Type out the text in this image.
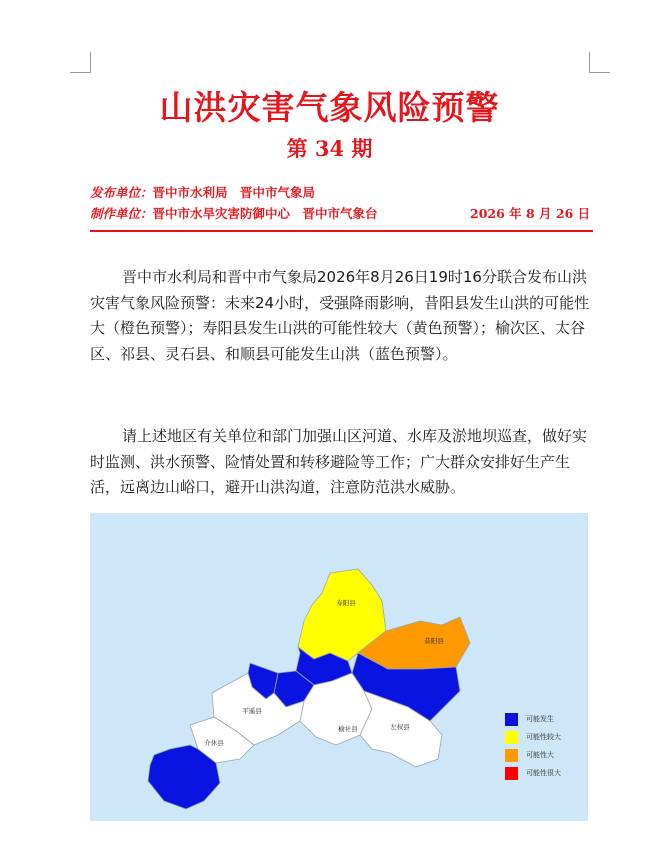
山洪灾害气象风险预警
第 34 期
发布单位：晋中市水利局　晋中市气象局
制作单位：晋中市水旱灾害防御中心　晋中市气象台	2026 年 8 月 26 日

晋中市水利局和晋中市气象局2026年8月26日19时16分联合发布山洪灾害气象风险预警：未来24小时，受强降雨影响，昔阳县发生山洪的可能性大（橙色预警）；寿阳县发生山洪的可能性较大（黄色预警）；榆次区、太谷区、祁县、灵石县、和顺县可能发生山洪（蓝色预警）。

请上述地区有关单位和部门加强山区河道、水库及淤地坝巡查，做好实时监测、洪水预警、险情处置和转移避险等工作；广大群众安排好生产生活，远离边山峪口，避开山洪沟道，注意防范洪水威胁。

寿阳县
昔阳县
平遥县
榆社县	左权县
介休县
可能发生
可能性较大
可能性大
可能性很大
